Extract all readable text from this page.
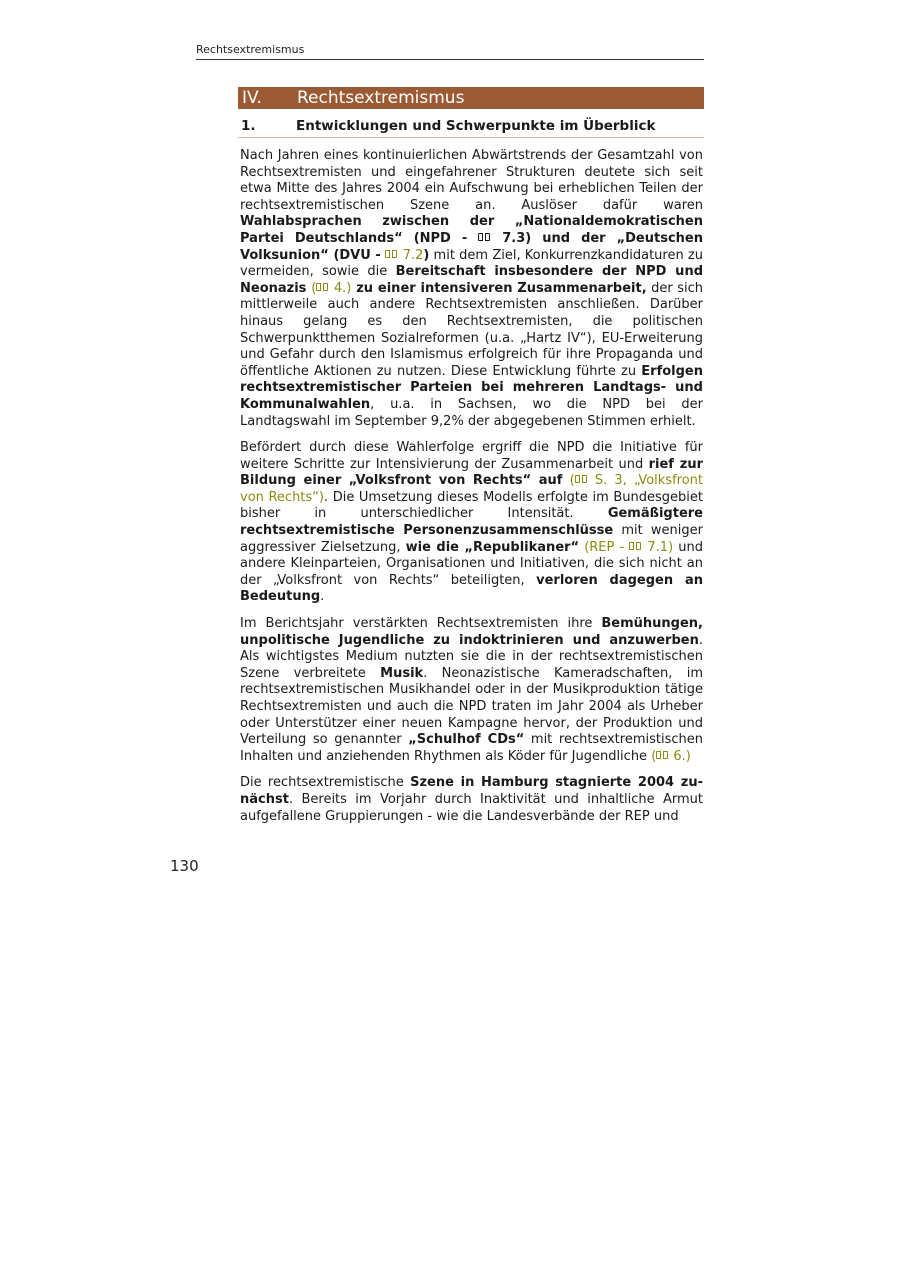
Rechtsextremismus
IV.	Rechtsextremismus
1.	Entwicklungen und Schwerpunkte im Überblick

Nach Jahren eines kontinuierlichen Abwärtstrends der Gesamtzahl von Rechtsextremisten und eingefahrener Strukturen deutete sich seit etwa Mitte des Jahres 2004 ein Aufschwung bei erheblichen Teilen der rechtsextremistischen Szene an. Auslöser dafür waren Wahlabsprachen zwischen der „Nationaldemokratischen Partei Deutschlands“ (NPD -  7.3) und der „Deutschen Volksunion“ (DVU -  7.2) mit dem Ziel, Konkurrenzkandidaturen zu vermeiden, sowie die Bereitschaft insbesondere der NPD und Neonazis ( 4.) zu einer intensiveren Zusammenarbeit, der sich mittlerweile auch andere Rechtsextremisten anschließen. Darüber hinaus gelang es den Rechtsextremisten, die politischen Schwerpunktthemen Sozialreformen (u.a. „Hartz IV“), EU-Erweiterung und Gefahr durch den Islamismus erfolgreich für ihre Propaganda und öffentliche Aktionen zu nutzen. Diese Entwicklung führte zu Erfolgen rechtsextremistischer Parteien bei mehreren Landtags- und Kommunalwahlen, u.a. in Sachsen, wo die NPD bei der Landtagswahl im September 9,2% der abgegebenen Stimmen erhielt.

Befördert durch diese Wahlerfolge ergriff die NPD die Initiative für weitere Schritte zur Intensivierung der Zusammenarbeit und rief zur Bildung einer „Volksfront von Rechts“ auf ( S. 3, „Volksfront von Rechts“). Die Umsetzung dieses Modells erfolgte im Bundesgebiet bisher in unterschiedlicher Intensität. Gemäßigtere rechtsextremistische Personenzusammenschlüsse mit weniger aggressiver Zielsetzung, wie die „Republikaner“ (REP -  7.1) und andere Kleinparteien, Organisationen und Initiativen, die sich nicht an der „Volksfront von Rechts“ beteiligten, verloren dagegen an Bedeutung.

Im Berichtsjahr verstärkten Rechtsextremisten ihre Bemühungen, unpolitische Jugendliche zu indoktrinieren und anzuwerben. Als wichtigstes Medium nutzten sie die in der rechtsextremistischen Szene verbreitete Musik. Neonazistische Kameradschaften, im rechtsextremistischen Musikhandel oder in der Musikproduktion tätige Rechtsextremisten und auch die NPD traten im Jahr 2004 als Urheber oder Unterstützer einer neuen Kampagne hervor, der Produktion und Verteilung so genannter „Schulhof CDs“ mit rechtsextremistischen Inhalten und anziehenden Rhythmen als Köder für Jugendliche ( 6.)

Die rechtsextremistische Szene in Hamburg stagnierte 2004 zunächst. Bereits im Vorjahr durch Inaktivität und inhaltliche Armut aufgefallene Gruppierungen - wie die Landesverbände der REP und

130
